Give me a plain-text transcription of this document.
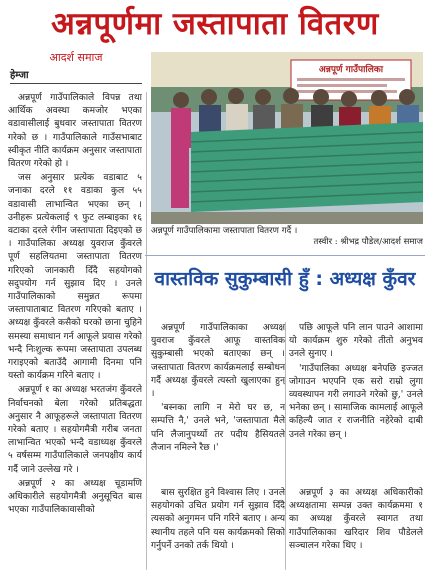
अन्नपूर्णमा जस्तापाता वितरण
आदर्श समाज
हेम्जा

अन्नपूर्ण गाउँपालिकाले विपन्न तथा आर्थिक अवस्था कमजोर भएका वडावासीलाई बुधवार जस्तापाता वितरण गरेको छ । गाउँपालिकाले गाउँसभाबाट स्वीकृत नीति कार्यक्रम अनुसार जस्तापाता वितरण गरेको हो ।

जस अनुसार प्रत्येक वडाबाट ५ जनाका दरले ११ वडाका कुल ५५ वडावासी लाभान्वित भएका छन् । उनीहरू प्रत्येकलाई ९ फुट लम्बाइका १६ वटाका दरले रंगीन जस्तापाता दिइएको छ । गाउँपालिका अध्यक्ष युवराज कुँवरले पूर्ण सहलियतमा जस्तापाता वितरण गरिएको जानकारी दिँदै सहयोगको सदुपयोग गर्न सुझाव दिए । उनले गाउँपालिकाको समुन्नत रूपमा जस्तापाताबाट वितरण गरिएको बताए । अध्यक्ष कुँवरले कसैको घरको छाना चुहिने समस्या समाधान गर्न आफूले प्रयास गरेको भन्दै निःशुल्क रूपमा जस्तापाता उपलब्ध गराइएको बताउँदै आगामी दिनमा पनि यस्तो कार्यक्रम गरिने बताए ।

अन्नपूर्ण १ का अध्यक्ष भरतजंग कुँवरले निर्वाचनको बेला गरेको प्रतिबद्धता अनुसार नै आफूहरूले जस्तापाता वितरण गरेको बताए । सहयोगमैत्री गरीब जनता लाभान्वित भएको भन्दै वडाध्यक्ष कुँवरले ५ वर्षसम्म गाउँपालिकाले जनपक्षीय कार्य गर्दै जाने उल्लेख गरे ।

अन्नपूर्ण २ का अध्यक्ष चूडामणि अधिकारीले सहयोगमैत्री अनुसूचित बास भएका गाउँपालिकावासीको

अन्नपूर्ण गाउँपालिका
अन्नपूर्ण गाउँपालिकामा जस्तापाता वितरण गर्दै ।
तस्वीर : श्रीभद्र पौडेल/आदर्श समाज
वास्तविक सुकुम्बासी हुँ : अध्यक्ष कुँवर

अन्नपूर्ण गाउँपालिकाका अध्यक्ष युवराज कुँवरले आफू वास्तविक सुकुम्बासी भएको बताएका छन् । जस्तापाता वितरण कार्यक्रमलाई सम्बोधन गर्दै अध्यक्ष कुँवरले त्यस्तो खुलाएका हुन् ।

'बस्नका लागि न मेरो घर छ, न सम्पत्ति नै,' उनले भने, 'जस्तापाता मैले पनि लैजानुपर्थ्यो तर पदीय हैसियतले लैजान नमिल्ने रैछ ।'

पछि आफूले पनि लान पाउने आशामा यो कार्यक्रम शुरु गरेको तीतो अनुभव उनले सुनाए ।

'गाउँपालिका अध्यक्ष बनेपछि इज्जत जोगाउन भएपनि एक सरो राम्रो लुगा व्यवस्थापन गरी लगाउने गरेको छु,' उनले भनेका छन् । सामाजिक कामलाई आफूले कहिल्यै जात र राजनीति नहेरेको दाबी उनले गरेका छन् ।

बास सुरक्षित हुने विश्वास लिए । उनले सहयोगको उचित प्रयोग गर्न सुझाव दिँदै त्यसको अनुगमन पनि गरिने बताए । अन्य स्थानीय तहले पनि यस कार्यक्रमको सिको गर्नुपर्ने उनको तर्क थियो ।

अन्नपूर्ण ३ का अध्यक्ष अधिकारीको अध्यक्षतामा सम्पन्न उक्त कार्यक्रममा १ का अध्यक्ष कुँवरले स्वागत तथा गाउँपालिकाका खरिदार शिव पौडेलले सञ्चालन गरेका थिए ।
